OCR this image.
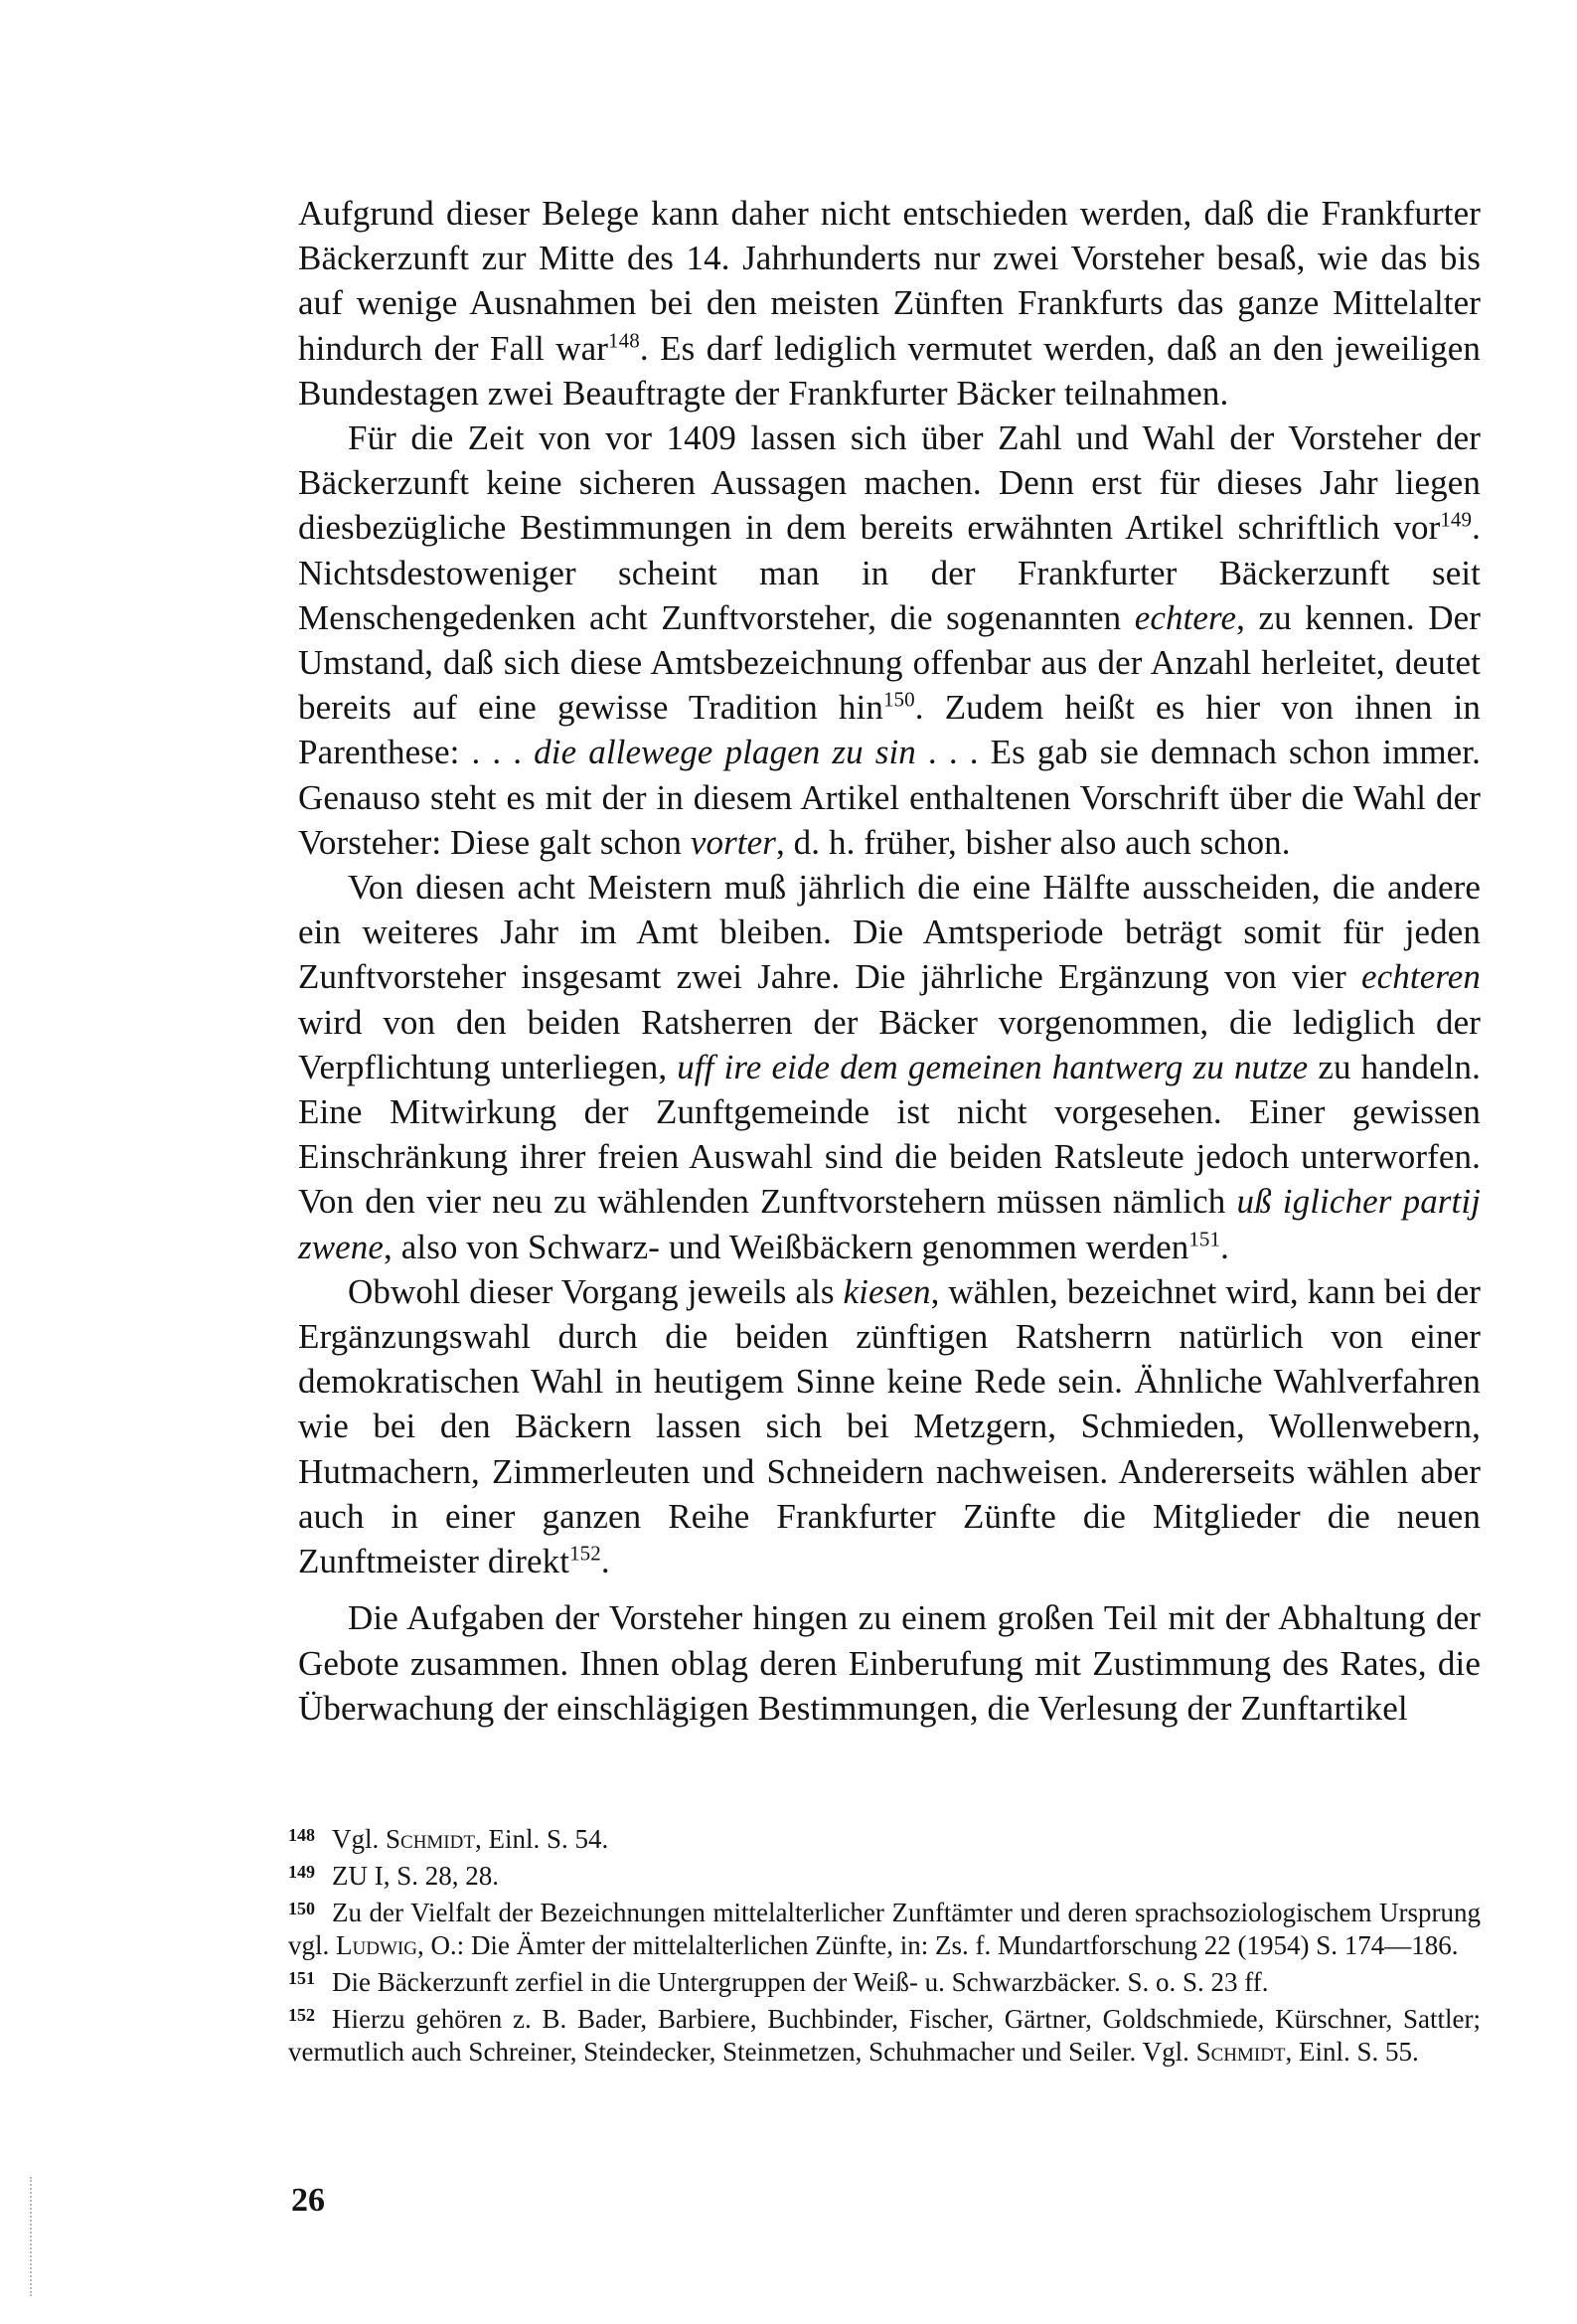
Aufgrund dieser Belege kann daher nicht entschieden werden, daß die Frankfurter Bäckerzunft zur Mitte des 14. Jahrhunderts nur zwei Vorsteher besaß, wie das bis auf wenige Ausnahmen bei den meisten Zünften Frankfurts das ganze Mittelalter hindurch der Fall war$^{148}$. Es darf lediglich vermutet werden, daß an den jeweiligen Bundestagen zwei Beauftragte der Frankfurter Bäcker teilnahmen.

Für die Zeit von vor 1409 lassen sich über Zahl und Wahl der Vorsteher der Bäckerzunft keine sicheren Aussagen machen. Denn erst für dieses Jahr liegen diesbezügliche Bestimmungen in dem bereits erwähnten Artikel schriftlich vor$^{149}$. Nichtsdestoweniger scheint man in der Frankfurter Bäckerzunft seit Menschengedenken acht Zunftvorsteher, die sogenannten echtere, zu kennen. Der Umstand, daß sich diese Amtsbezeichnung offenbar aus der Anzahl herleitet, deutet bereits auf eine gewisse Tradition hin$^{150}$. Zudem heißt es hier von ihnen in Parenthese: . . . die allewege plagen zu sin . . . Es gab sie demnach schon immer. Genauso steht es mit der in diesem Artikel enthaltenen Vorschrift über die Wahl der Vorsteher: Diese galt schon vorter, d. h. früher, bisher also auch schon.

Von diesen acht Meistern muß jährlich die eine Hälfte ausscheiden, die andere ein weiteres Jahr im Amt bleiben. Die Amtsperiode beträgt somit für jeden Zunftvorsteher insgesamt zwei Jahre. Die jährliche Ergänzung von vier echteren wird von den beiden Ratsherren der Bäcker vorgenommen, die lediglich der Verpflichtung unterliegen, uff ire eide dem gemeinen hantwerg zu nutze zu handeln. Eine Mitwirkung der Zunftgemeinde ist nicht vorgesehen. Einer gewissen Einschränkung ihrer freien Auswahl sind die beiden Ratsleute jedoch unterworfen. Von den vier neu zu wählenden Zunftvorstehern müssen nämlich uß iglicher partij zwene, also von Schwarz- und Weißbäckern genommen werden$^{151}$.

Obwohl dieser Vorgang jeweils als kiesen, wählen, bezeichnet wird, kann bei der Ergänzungswahl durch die beiden zünftigen Ratsherrn natürlich von einer demokratischen Wahl in heutigem Sinne keine Rede sein. Ähnliche Wahlverfahren wie bei den Bäckern lassen sich bei Metzgern, Schmieden, Wollenwebern, Hutmachern, Zimmerleuten und Schneidern nachweisen. Andererseits wählen aber auch in einer ganzen Reihe Frankfurter Zünfte die Mitglieder die neuen Zunftmeister direkt$^{152}$.

Die Aufgaben der Vorsteher hingen zu einem großen Teil mit der Abhaltung der Gebote zusammen. Ihnen oblag deren Einberufung mit Zustimmung des Rates, die Überwachung der einschlägigen Bestimmungen, die Verlesung der Zunftartikel

148 Vgl. Schmidt, Einl. S. 54.

149 ZU I, S. 28, 28.

150 Zu der Vielfalt der Bezeichnungen mittelalterlicher Zunftämter und deren sprachsoziologischem Ursprung vgl. Ludwig, O.: Die Ämter der mittelalterlichen Zünfte, in: Zs. f. Mundartforschung 22 (1954) S. 174—186.

151 Die Bäckerzunft zerfiel in die Untergruppen der Weiß- u. Schwarzbäcker. S. o. S. 23 ff.

152 Hierzu gehören z. B. Bader, Barbiere, Buchbinder, Fischer, Gärtner, Goldschmiede, Kürschner, Sattler; vermutlich auch Schreiner, Steindecker, Steinmetzen, Schuhmacher und Seiler. Vgl. Schmidt, Einl. S. 55.

26
